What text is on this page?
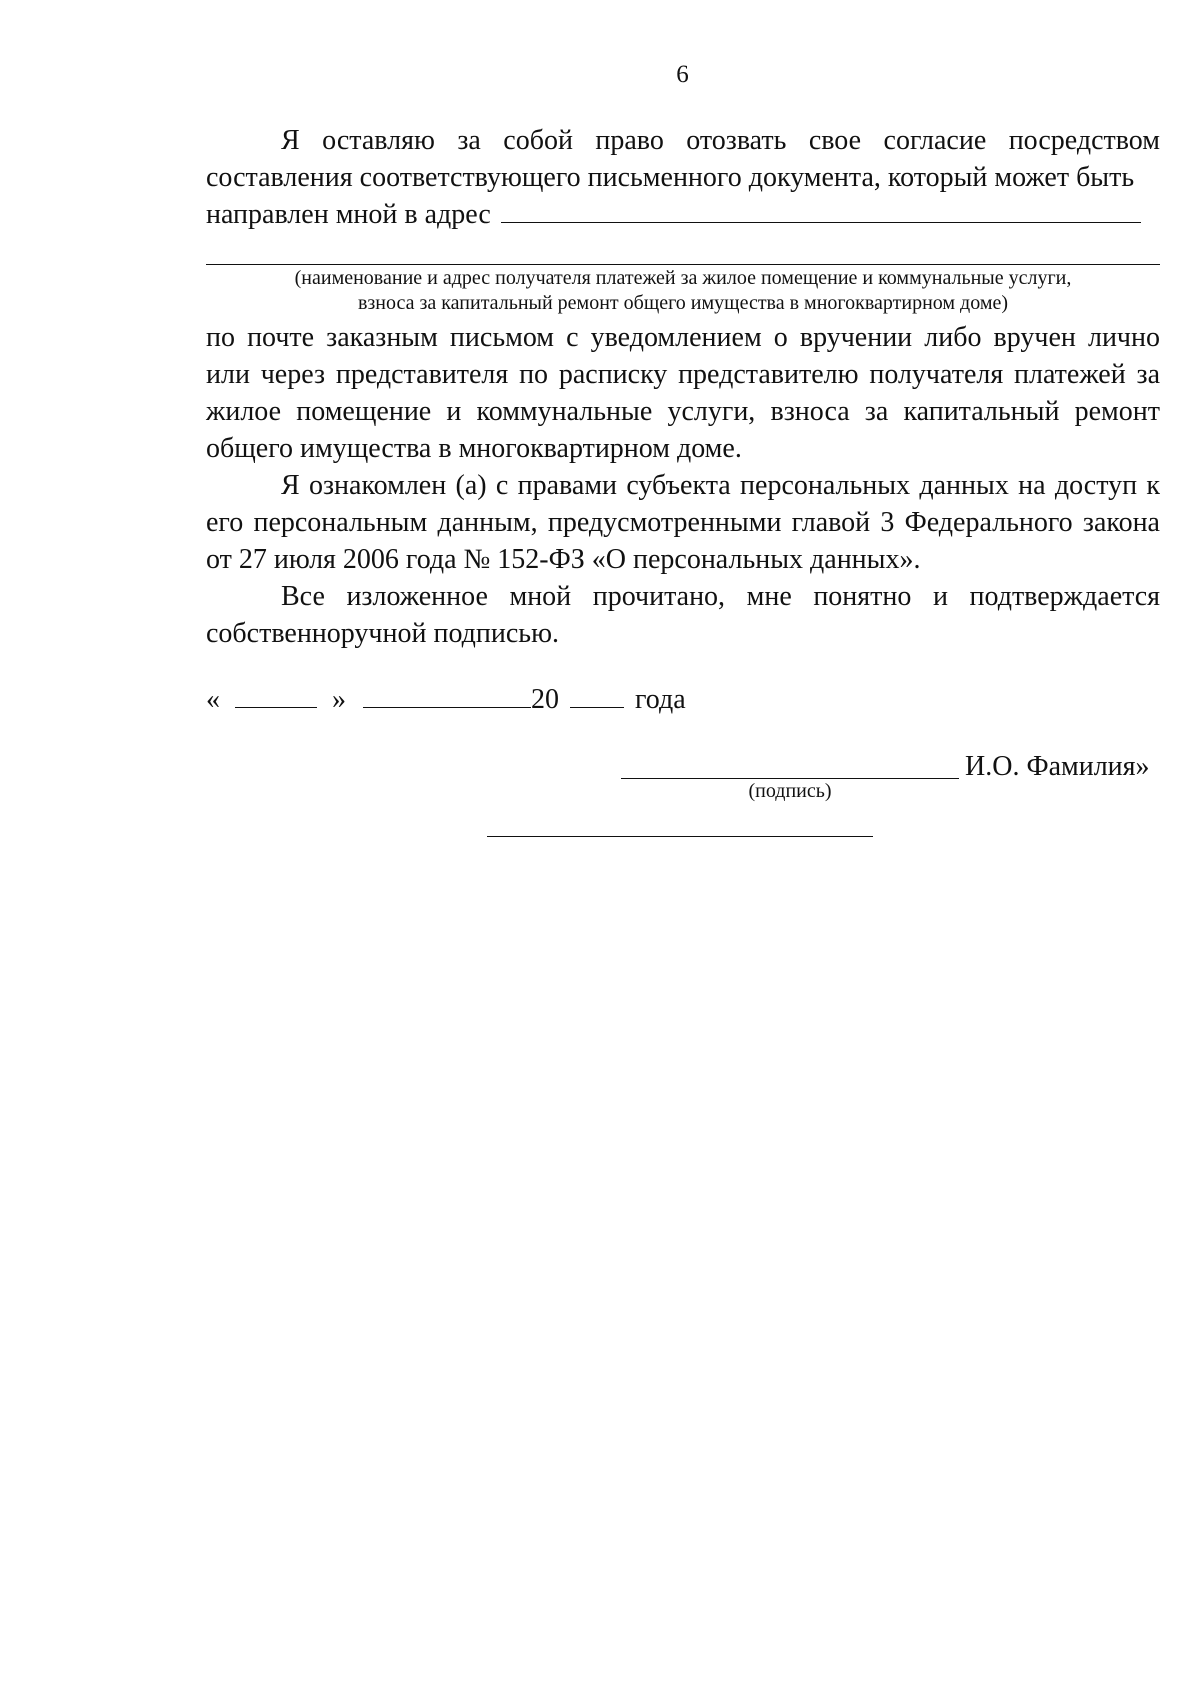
6

Я оставляю за собой право отозвать свое согласие посредством составления соответствующего письменного документа, который может быть

направлен мной в адрес
(наименование и адрес получателя платежей за жилое помещение и коммунальные услуги,
взноса за капитальный ремонт общего имущества в многоквартирном доме)

по почте заказным письмом с уведомлением о вручении либо вручен лично или через представителя по расписку представителю получателя платежей за жилое помещение и коммунальные услуги, взноса за капитальный ремонт общего имущества в многоквартирном доме.

Я ознакомлен (а) с правами субъекта персональных данных на доступ к его персональным данным, предусмотренными главой 3 Федерального закона от 27 июля 2006 года № 152-ФЗ «О персональных данных».

Все изложенное мной прочитано, мне понятно и подтверждается собственноручной подписью.

«	»	20	года
И.О. Фамилия»
(подпись)
